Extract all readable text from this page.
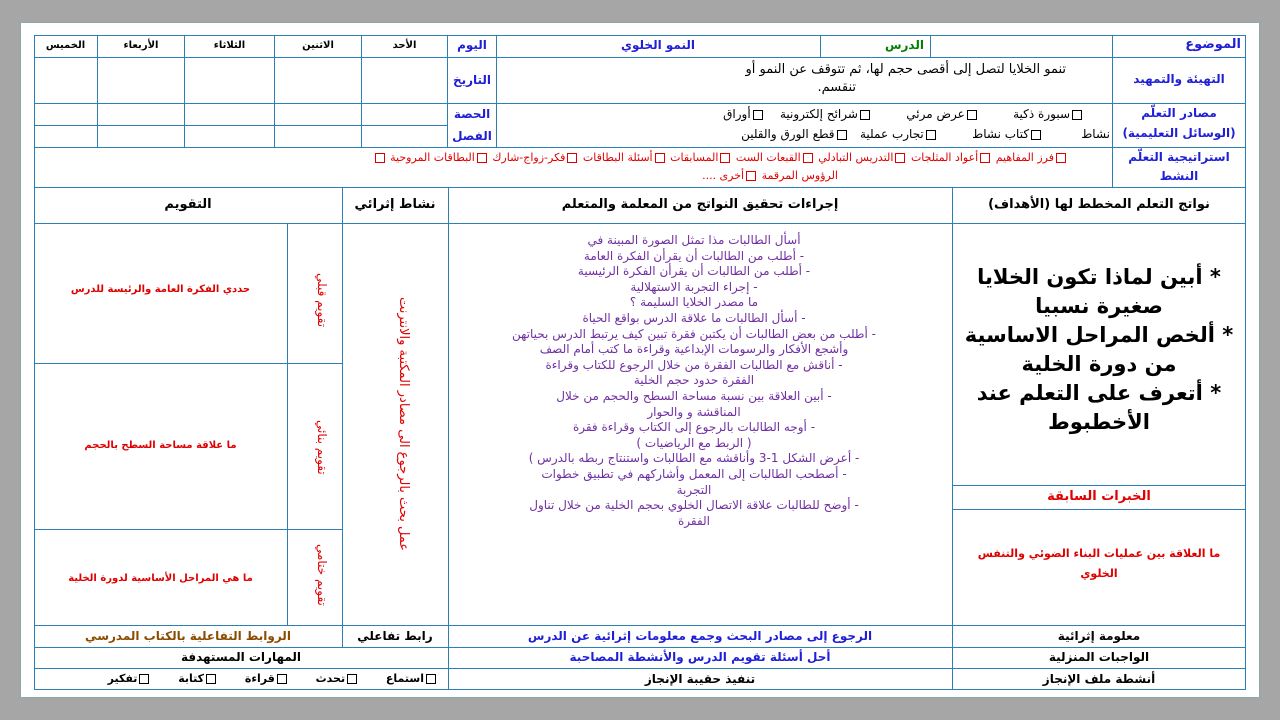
الموضوع
الدرس
النمو الخلوي
اليوم
الأحد
الاثنين
الثلاثاء
الأربعاء
الخميس
التهيئة والتمهيد
تنمو الخلايا لتصل إلى أقصى حجم لها، ثم تتوقف عن النمو أو
تنقسم.
التاريخ
مصادر التعلّم
(الوسائل التعليمية)
سبورة ذكية         عرض مرئي         شرائح إلكترونية    أوراق
نشاط          كتاب نشاط         تجارب عملية   قطع الورق والقلين
الحصة
الفصل
استراتيجية التعلّم
النشط
فرز المفاهيم أعواد المثلجات التدريس التبادلي القبعات الست المسابقات أسئلة البطاقات فكر-زواج-شارك البطاقات المروحية
الرؤوس المرقمة أخرى ....
نواتج التعلم المخطط لها (الأهداف)
إجراءات تحقيق النواتج من المعلمة والمتعلم
نشاط إثرائي
التقويم
* أبين لماذا تكون الخلايا
صغيرة نسبيا
* ألخص المراحل الاساسية
من دورة الخلية
* أتعرف على التعلم عند
الأخطبوط
الخبرات السابقة
ما العلاقة بين عمليات البناء الضوئي والتنفس
الخلوي
أسأل الطالبات مذا تمثل الصورة المبينة في
- أطلب من الطالبات أن يقرأن الفكرة العامة
- أطلب من الطالبات أن يقرأن الفكرة الرئيسية
- إجراء التجربة الاستهلالية
ما مصدر الخلايا السليمة ؟
- أسأل الطالبات ما علاقة الدرس بواقع الحياة
- أطلب من بعض الطالبات أن يكتبن فقرة تبين كيف يرتبط الدرس بحياتهن
وأشجع الأفكار والرسومات الإبداعية وقراءة ما كتب أمام الصف
- أناقش مع الطالبات الفقرة من خلال الرجوع للكتاب وقراءة
الفقرة حدود حجم الخلية
- أبين العلاقة بين نسبة مساحة السطح والحجم من خلال
المناقشة و والحوار
- أوجه الطالبات بالرجوع إلى الكتاب وقراءة فقرة
( الربط مع الرياضيات )
- أعرض الشكل 1-3 وأناقشه مع الطالبات واستنتاج ربطه بالدرس )
- أصطحب الطالبات إلى المعمل وأشاركهم في تطبيق خطوات
التجربة
- أوضح للطالبات علاقة الاتصال الخلوي بحجم الخلية من خلال تناول
الفقرة
عمل بحث بالرجوع الى مصادر المكتبة والانترنت
تقويم قبلي
حددي الفكرة العامة والرئيسة للدرس
تقويم بنائي
ما علاقة مساحة السطح بالحجم
تقويم ختامي
ما هي المراحل الأساسية لدورة الخلية
معلومة إثرائية
الرجوع إلى مصادر البحث وجمع معلومات إثرائية عن الدرس
رابط تفاعلي
الروابط التفاعلية بالكتاب المدرسي
الواجبات المنزلية
أحل أسئلة تقويم الدرس والأنشطة المصاحبة
المهارات المستهدفة
أنشطة ملف الإنجاز
تنفيذ حقيبة الإنجاز
استماع       تحدث       قراءة       كتابة       تفكير
